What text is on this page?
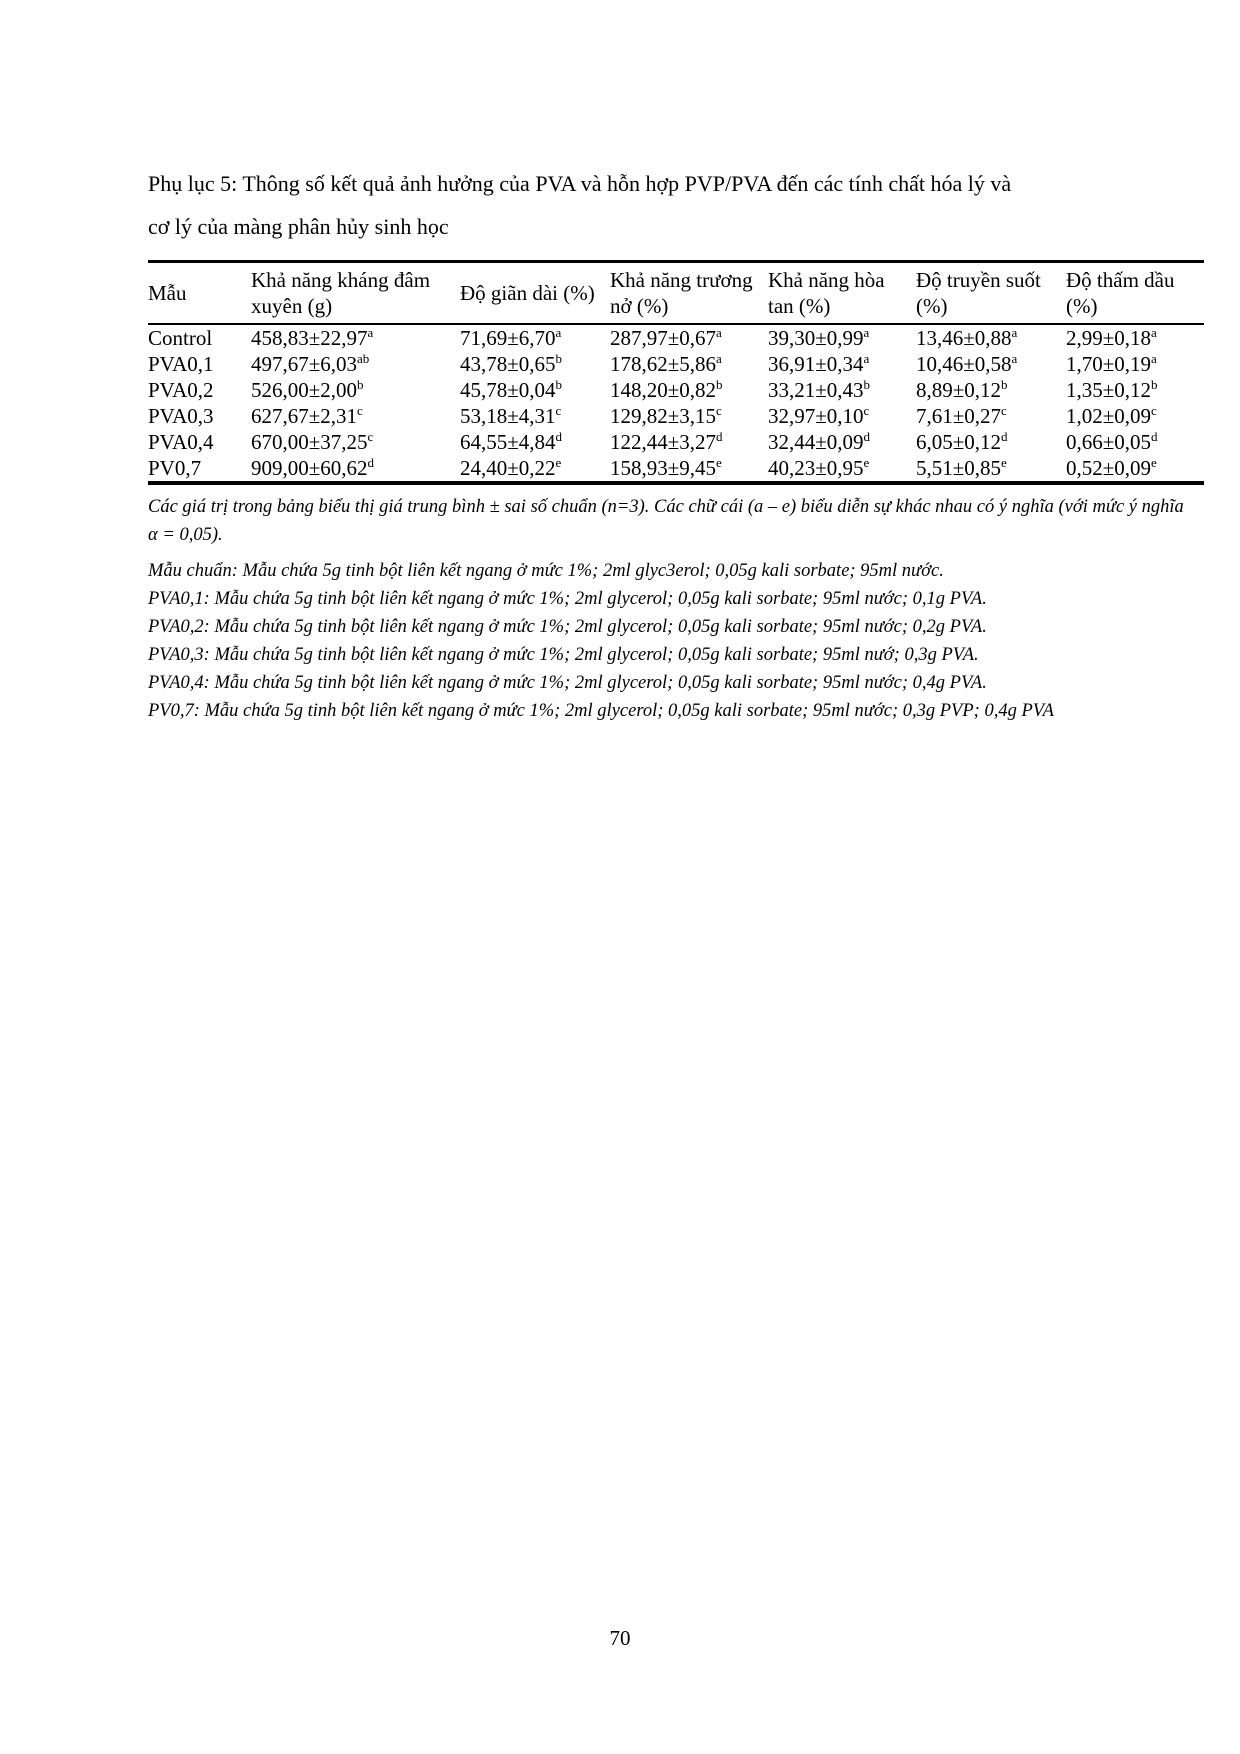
Phụ lục 5: Thông số kết quả ảnh hưởng của PVA và hỗn hợp PVP/PVA đến các tính chất hóa lý và
cơ lý của màng phân hủy sinh học
Mẫu	Khả năng kháng đâm xuyên (g)	Độ giãn dài (%)	Khả năng trương nở (%)	Khả năng hòa tan (%)	Độ truyền suốt (%)	Độ thấm dầu (%)
Control	458,83±22,97$^a$	71,69±6,70$^a$	287,97±0,67$^a$	39,30±0,99$^a$	13,46±0,88$^a$	2,99±0,18$^a$
PVA0,1	497,67±6,03$^{ab}$	43,78±0,65$^b$	178,62±5,86$^a$	36,91±0,34$^a$	10,46±0,58$^a$	1,70±0,19$^a$
PVA0,2	526,00±2,00$^b$	45,78±0,04$^b$	148,20±0,82$^b$	33,21±0,43$^b$	8,89±0,12$^b$	1,35±0,12$^b$
PVA0,3	627,67±2,31$^c$	53,18±4,31$^c$	129,82±3,15$^c$	32,97±0,10$^c$	7,61±0,27$^c$	1,02±0,09$^c$
PVA0,4	670,00±37,25$^c$	64,55±4,84$^d$	122,44±3,27$^d$	32,44±0,09$^d$	6,05±0,12$^d$	0,66±0,05$^d$
PV0,7	909,00±60,62$^d$	24,40±0,22$^e$	158,93±9,45$^e$	40,23±0,95$^e$	5,51±0,85$^e$	0,52±0,09$^e$

Các giá trị trong bảng biểu thị giá trung bình ± sai số chuẩn (n=3). Các chữ cái (a – e) biểu diễn sự khác nhau có ý nghĩa (với mức ý nghĩa α = 0,05).

Mẫu chuẩn: Mẫu chứa 5g tinh bột liên kết ngang ở mức 1%; 2ml glyc3erol; 0,05g kali sorbate; 95ml nước.

PVA0,1: Mẫu chứa 5g tinh bột liên kết ngang ở mức 1%; 2ml glycerol; 0,05g kali sorbate; 95ml nước; 0,1g PVA.

PVA0,2: Mẫu chứa 5g tinh bột liên kết ngang ở mức 1%; 2ml glycerol; 0,05g kali sorbate; 95ml nước; 0,2g PVA.

PVA0,3: Mẫu chứa 5g tinh bột liên kết ngang ở mức 1%; 2ml glycerol; 0,05g kali sorbate; 95ml nướ; 0,3g PVA.

PVA0,4: Mẫu chứa 5g tinh bột liên kết ngang ở mức 1%; 2ml glycerol; 0,05g kali sorbate; 95ml nước; 0,4g PVA.

PV0,7: Mẫu chứa 5g tinh bột liên kết ngang ở mức 1%; 2ml glycerol; 0,05g kali sorbate; 95ml nước; 0,3g PVP; 0,4g PVA

70
